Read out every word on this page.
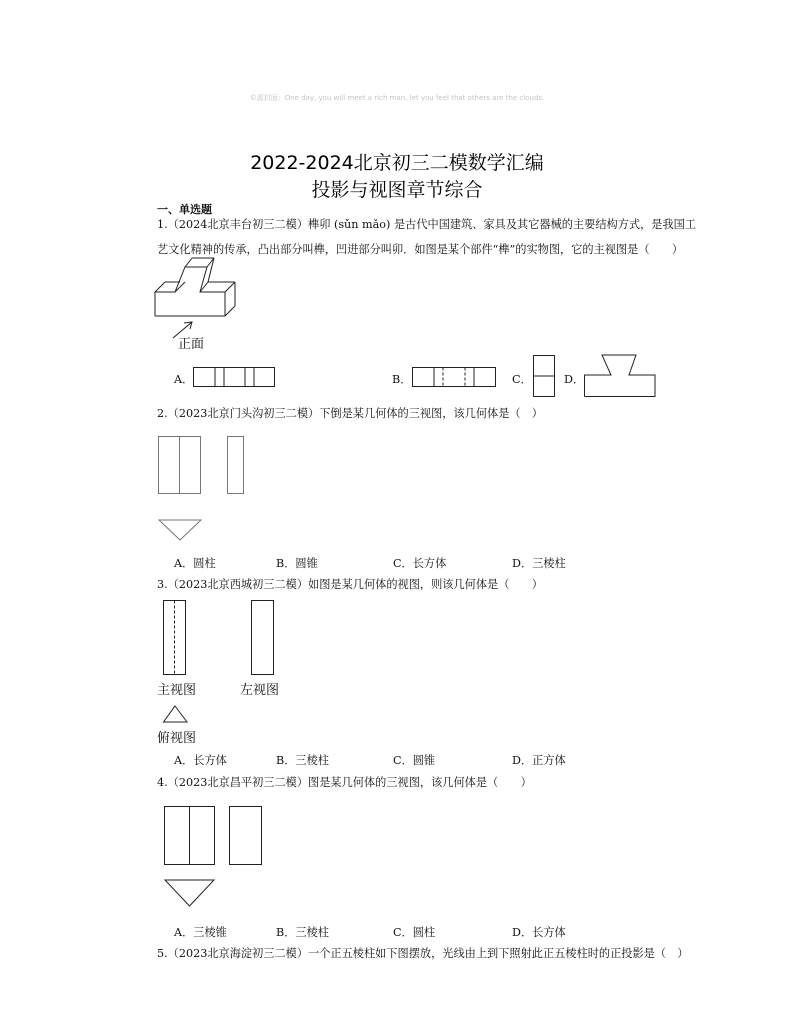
©源封面：One day, you will meet a rich man, let you feel that others are the clouds.
2022-2024北京初三二模数学汇编
投影与视图章节综合
一、单选题
1.（2024北京丰台初三二模）榫卯 (sǔn mǎo) 是古代中国建筑、家具及其它器械的主要结构方式，是我国工
艺文化精神的传承，凸出部分叫榫，凹进部分叫卯．如图是某个部件“榫”的实物图，它的主视图是（　　）
正面
A．	B．	C．	D．
2.（2023北京门头沟初三二模）下倒是某几何体的三视图，该几何体是（　）
A．圆柱	B．圆锥	C．长方体	D．三棱柱
3.（2023北京西城初三二模）如图是某几何体的视图，则该几何体是（　　）
主视图	左视图
俯视图
A．长方体	B．三棱柱	C．圆锥	D．正方体
4.（2023北京昌平初三二模）图是某几何体的三视图，该几何体是（　　）
A．三棱锥	B．三棱柱	C．圆柱	D．长方体
5.（2023北京海淀初三二模）一个正五棱柱如下图摆放，光线由上到下照射此正五棱柱时的正投影是（　）
